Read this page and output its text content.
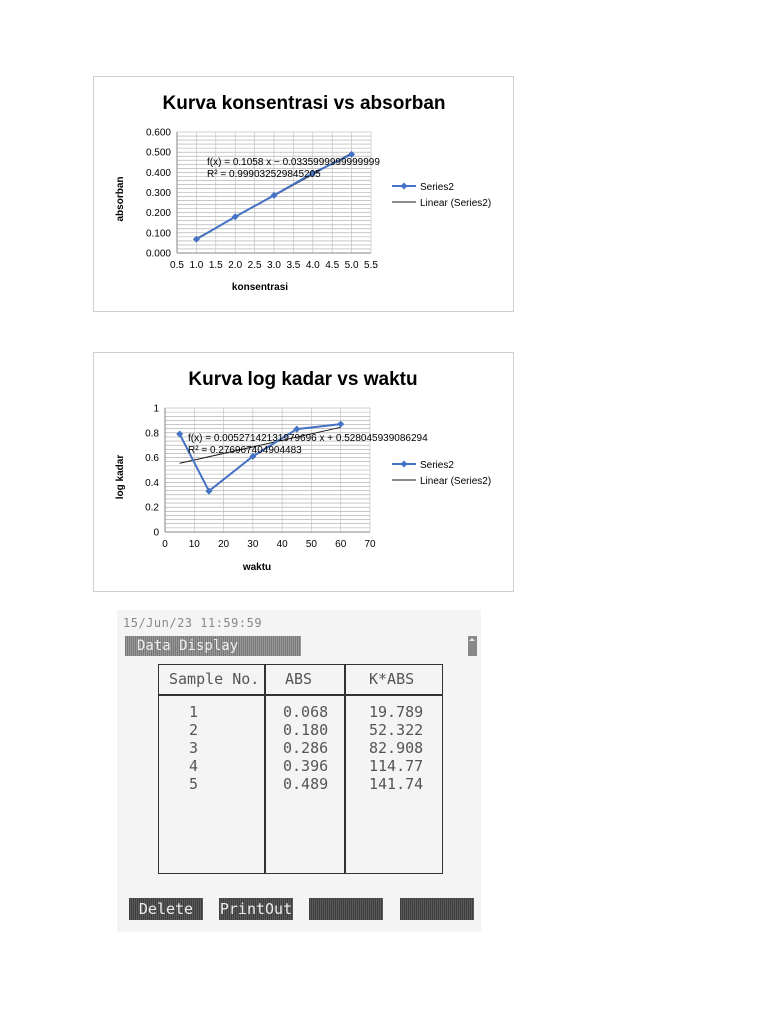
Kurva konsentrasi vs absorban
0.000
0.100
0.200
0.300
0.400
0.500
0.600
0.5 1.0 1.5 2.0 2.5 3.0 3.5 4.0 4.5 5.0 5.5
konsentrasi
absorban
f(x) = 0.1058 x − 0.0335999999999999
R² = 0.999032529845205
Series2
Linear (Series2)
Kurva log kadar vs waktu
0
0.2
0.4
0.6
0.8
1
0 10 20 30 40 50 60 70
waktu
log kadar
f(x) = 0.00527142131979696 x + 0.528045939086294
R² = 0.276967404904483
Series2
Linear (Series2)
15/Jun/23 11:59:59
Data Display
Sample No. ABS	K*ABS
1	0.068	19.789
2	0.180	52.322
3	0.286	82.908
4	0.396	114.77
5	0.489	141.74
Delete	PrintOut
